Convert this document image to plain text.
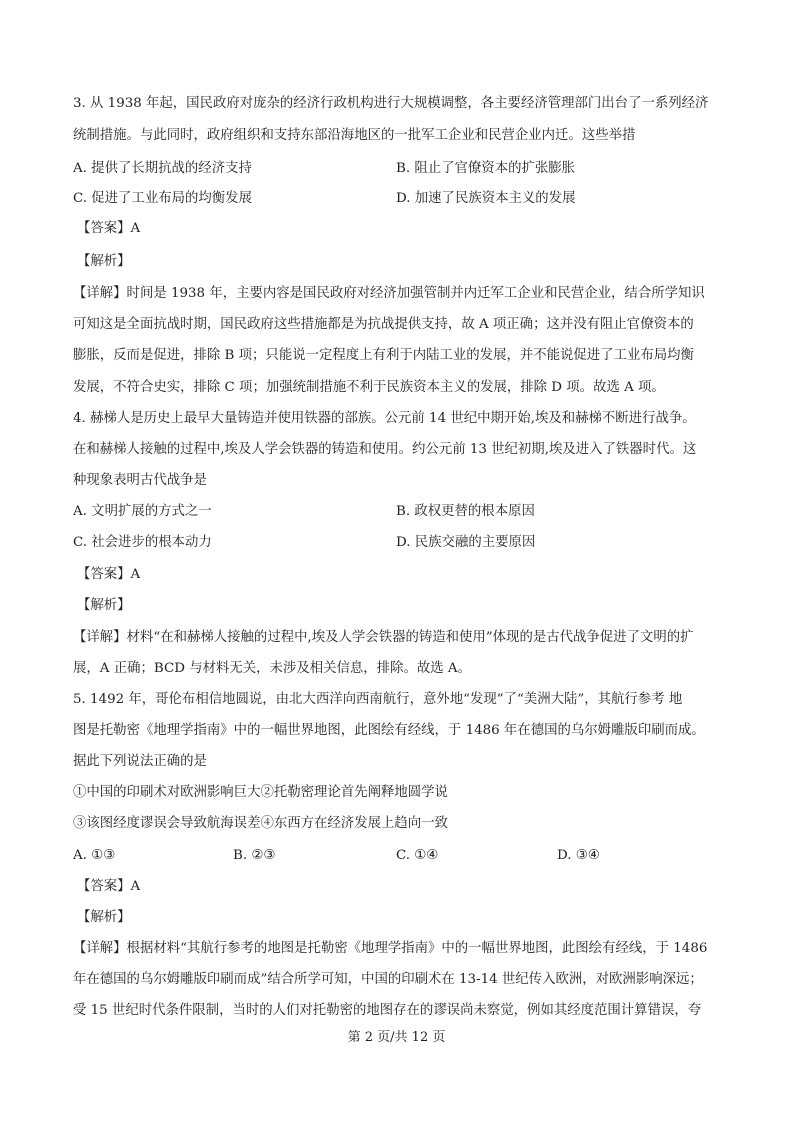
3. 从 1938 年起，国民政府对庞杂的经济行政机构进行大规模调整，各主要经济管理部门出台了一系列经济
统制措施。与此同时，政府组织和支持东部沿海地区的一批军工企业和民营企业内迁。这些举措
A. 提供了长期抗战的经济支持	B. 阻止了官僚资本的扩张膨胀
C. 促进了工业布局的均衡发展	D. 加速了民族资本主义的发展
【答案】A
【解析】
【详解】时间是 1938 年，主要内容是国民政府对经济加强管制并内迁军工企业和民营企业，结合所学知识
可知这是全面抗战时期，国民政府这些措施都是为抗战提供支持，故 A 项正确；这并没有阻止官僚资本的
膨胀，反而是促进，排除 B 项；只能说一定程度上有利于内陆工业的发展，并不能说促进了工业布局均衡
发展，不符合史实，排除 C 项；加强统制措施不利于民族资本主义的发展，排除 D 项。故选 A 项。
4. 赫梯人是历史上最早大量铸造并使用铁器的部族。公元前 14 世纪中期开始,埃及和赫梯不断进行战争。
在和赫梯人接触的过程中,埃及人学会铁器的铸造和使用。约公元前 13 世纪初期,埃及进入了铁器时代。这
种现象表明古代战争是
A. 文明扩展的方式之一	B. 政权更替的根本原因
C. 社会进步的根本动力	D. 民族交融的主要原因
【答案】A
【解析】
【详解】材料“在和赫梯人接触的过程中,埃及人学会铁器的铸造和使用”体现的是古代战争促进了文明的扩
展，A 正确；BCD 与材料无关，未涉及相关信息，排除。故选 A。
5. 1492 年，哥伦布相信地圆说，由北大西洋向西南航行，意外地“发现”了“美洲大陆”，其航行参考 地
图是托勒密《地理学指南》中的一幅世界地图，此图绘有经线，于 1486 年在德国的乌尔姆雕版印刷而成。
据此下列说法正确的是
①中国的印刷术对欧洲影响巨大②托勒密理论首先阐释地圆学说
③该图经度谬误会导致航海误差④东西方在经济发展上趋向一致
A. ①③	B. ②③	C. ①④	D. ③④
【答案】A
【解析】
【详解】根据材料“其航行参考的地图是托勒密《地理学指南》中的一幅世界地图，此图绘有经线，于 1486
年在德国的乌尔姆雕版印刷而成”结合所学可知，中国的印刷术在 13-14 世纪传入欧洲，对欧洲影响深远；
受 15 世纪时代条件限制，当时的人们对托勒密的地图存在的谬误尚未察觉，例如其经度范围计算错误，夸
第 2 页/共 12 页
